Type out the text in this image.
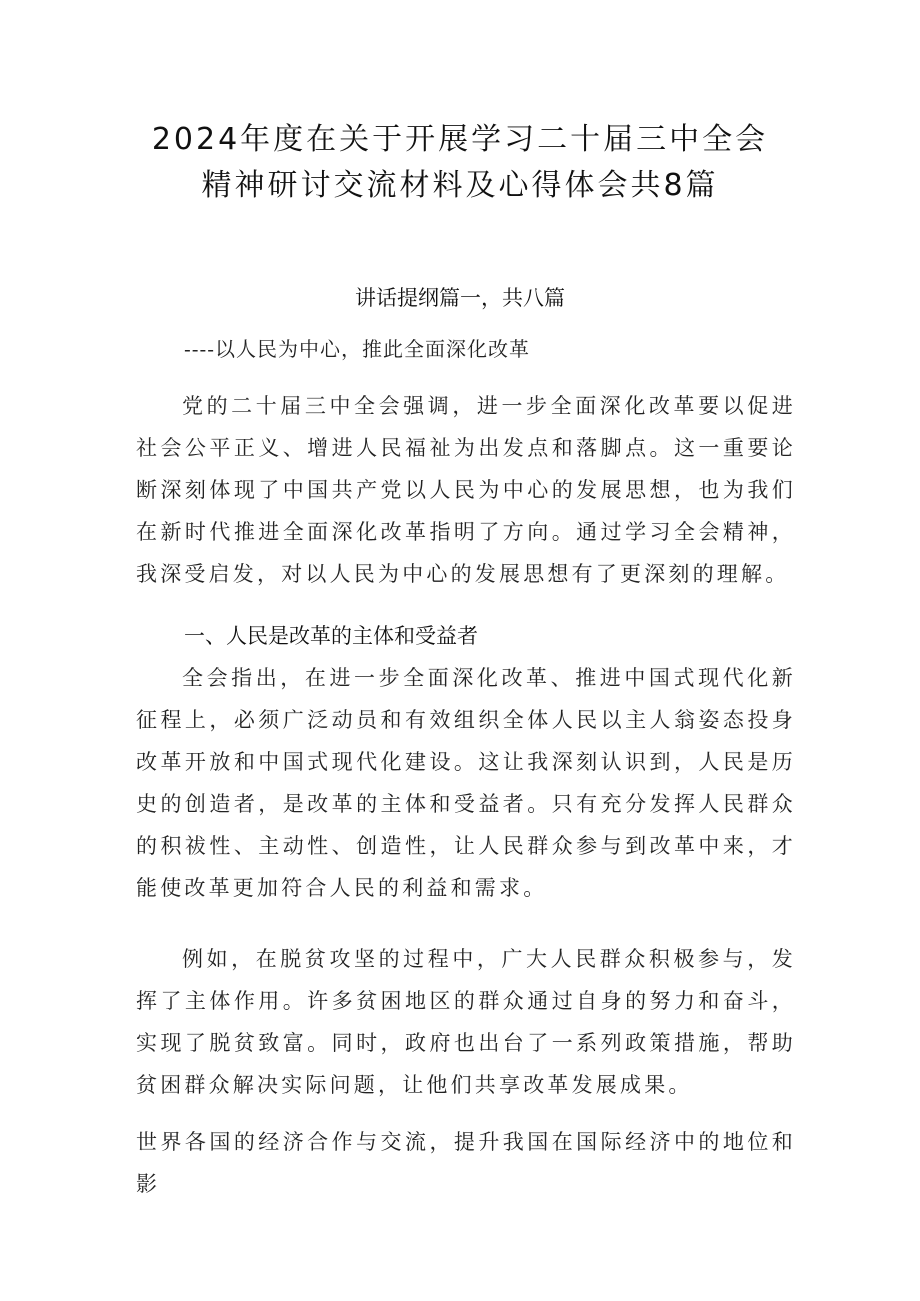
2024年度在关于开展学习二十届三中全会
精神研讨交流材料及心得体会共8篇
讲话提纲篇一，共八篇
----以人民为中心，推此全面深化改革

党的二十届三中全会强调，进一步全面深化改革要以促进社会公平正义、增进人民福祉为出发点和落脚点。这一重要论断深刻体现了中国共产党以人民为中心的发展思想，也为我们在新时代推进全面深化改革指明了方向。通过学习全会精神，我深受启发，对以人民为中心的发展思想有了更深刻的理解。

一、人民是改革的主体和受益者

全会指出，在进一步全面深化改革、推进中国式现代化新征程上，必须广泛动员和有效组织全体人民以主人翁姿态投身改革开放和中国式现代化建设。这让我深刻认识到，人民是历史的创造者，是改革的主体和受益者。只有充分发挥人民群众的积祓性、主动性、创造性，让人民群众参与到改革中来，才能使改革更加符合人民的利益和需求。

例如，在脱贫攻坚的过程中，广大人民群众积极参与，发挥了主体作用。许多贫困地区的群众通过自身的努力和奋斗，实现了脱贫致富。同时，政府也出台了一系列政策措施，帮助贫困群众解决实际问题，让他们共享改革发展成果。

世界各国的经济合作与交流，提升我国在国际经济中的地位和影
